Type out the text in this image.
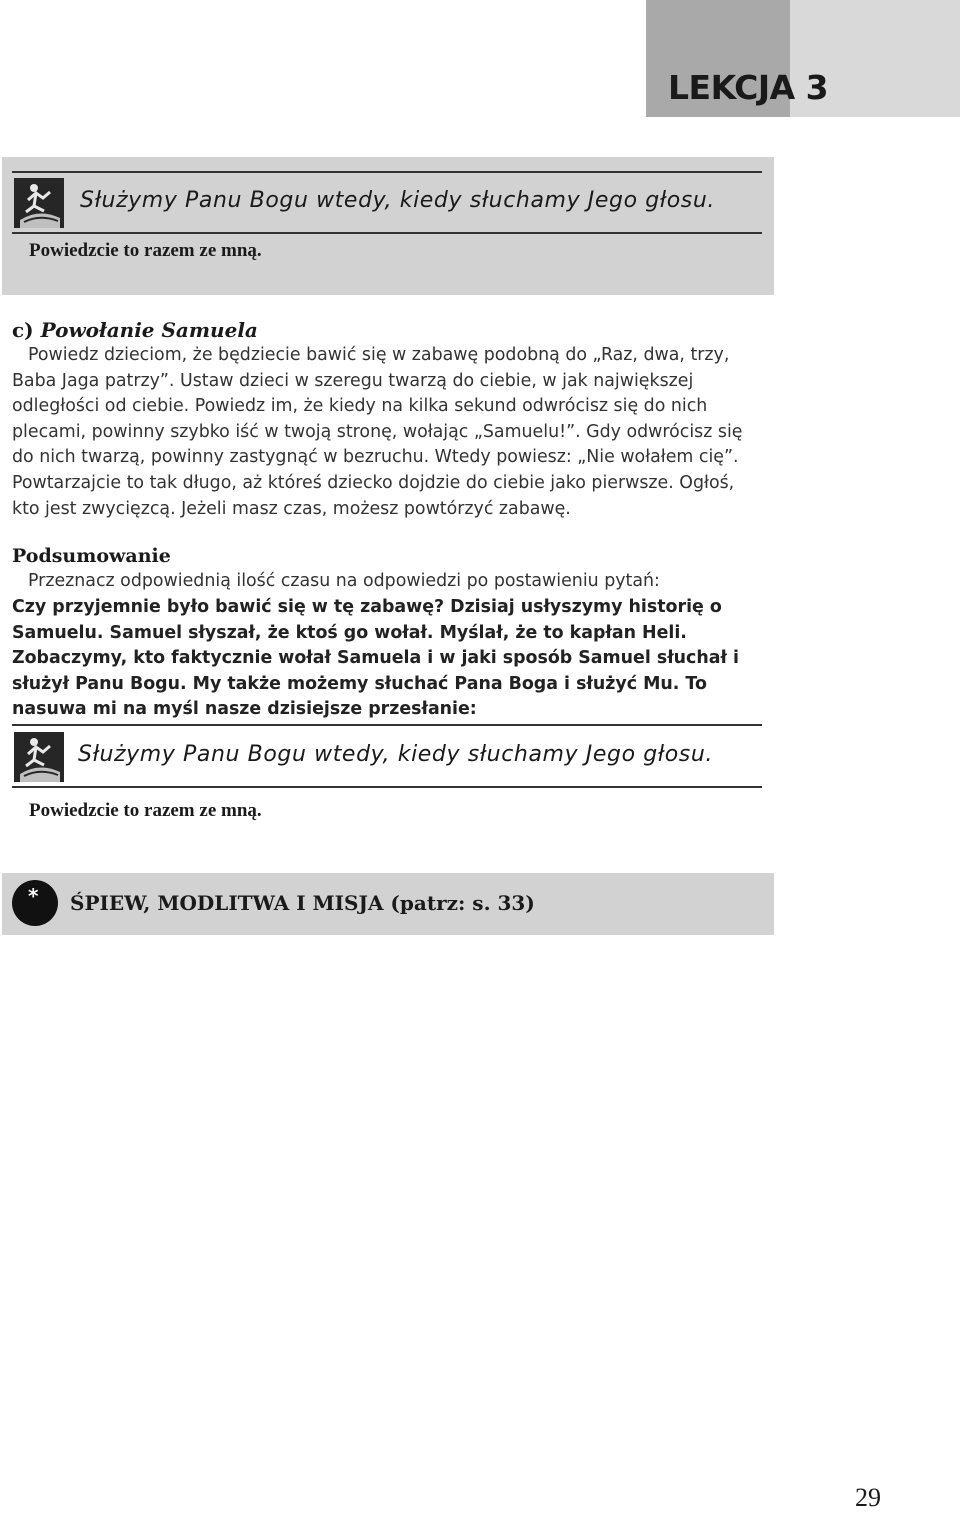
LEKCJA 3
Służymy Panu Bogu wtedy, kiedy słuchamy Jego głosu.
Powiedzcie to razem ze mną.
c) Powołanie Samuela

Powiedz dzieciom, że będziecie bawić się w zabawę podobną do „Raz, dwa, trzy, Baba Jaga patrzy”. Ustaw dzieci w szeregu twarzą do ciebie, w jak największej odległości od ciebie. Powiedz im, że kiedy na kilka sekund odwrócisz się do nich plecami, powinny szybko iść w twoją stronę, wołając „Samuelu!”. Gdy odwrócisz się do nich twarzą, powinny zastygnąć w bezruchu. Wtedy powiesz: „Nie wołałem cię”. Powtarzajcie to tak długo, aż któreś dziecko dojdzie do ciebie jako pierwsze. Ogłoś, kto jest zwycięzcą. Jeżeli masz czas, możesz powtórzyć zabawę.

Podsumowanie
Przeznacz odpowiednią ilość czasu na odpowiedzi po postawieniu pytań:

Czy przyjemnie było bawić się w tę zabawę? Dzisiaj usłyszymy historię o Samuelu. Samuel słyszał, że ktoś go wołał. Myślał, że to kapłan Heli. Zobaczymy, kto faktycznie wołał Samuela i w jaki sposób Samuel słuchał i służył Panu Bogu. My także możemy słuchać Pana Boga i służyć Mu. To nasuwa mi na myśl nasze dzisiejsze przesłanie:

Służymy Panu Bogu wtedy, kiedy słuchamy Jego głosu.
Powiedzcie to razem ze mną.
* ŚPIEW, MODLITWA I MISJA (patrz: s. 33)
29
